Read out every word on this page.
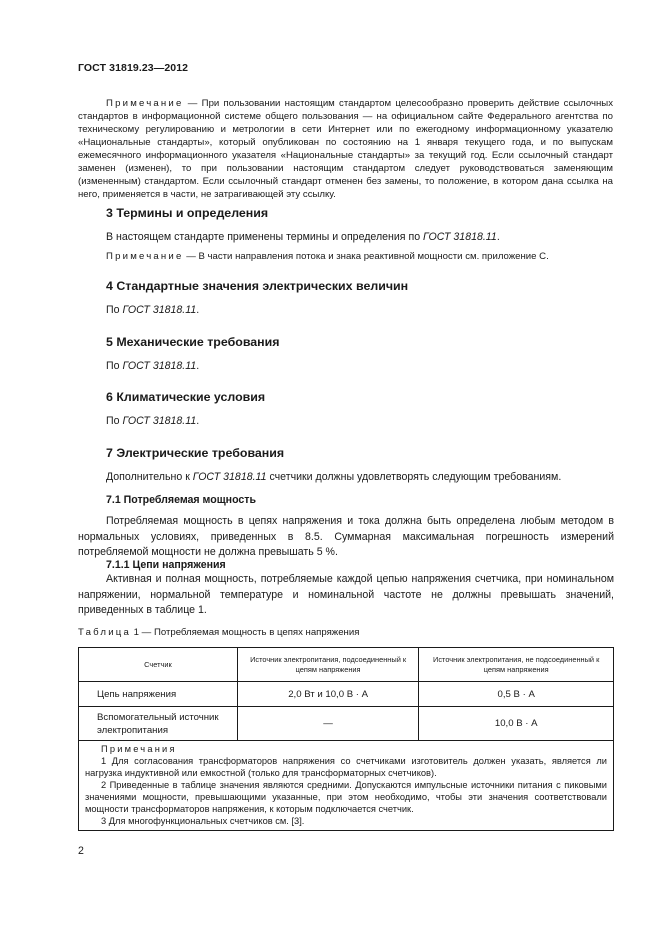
ГОСТ 31819.23—2012
Примечание — При пользовании настоящим стандартом целесообразно проверить действие ссылочных стандартов в информационной системе общего пользования — на официальном сайте Федерального агентства по техническому регулированию и метрологии в сети Интернет или по ежегодному информационному указателю «Национальные стандарты», который опубликован по состоянию на 1 января текущего года, и по выпускам ежемесячного информационного указателя «Национальные стандарты» за текущий год. Если ссылочный стандарт заменен (изменен), то при пользовании настоящим стандартом следует руководствоваться заменяющим (измененным) стандартом. Если ссылочный стандарт отменен без замены, то положение, в котором дана ссылка на него, применяется в части, не затрагивающей эту ссылку.
3 Термины и определения
В настоящем стандарте применены термины и определения по ГОСТ 31818.11.
Примечание — В части направления потока и знака реактивной мощности см. приложение С.
4 Стандартные значения электрических величин
По ГОСТ 31818.11.
5 Механические требования
По ГОСТ 31818.11.
6 Климатические условия
По ГОСТ 31818.11.
7 Электрические требования
Дополнительно к ГОСТ 31818.11 счетчики должны удовлетворять следующим требованиям.
7.1 Потребляемая мощность
Потребляемая мощность в цепях напряжения и тока должна быть определена любым методом в нормальных условиях, приведенных в 8.5. Суммарная максимальная погрешность измерений потребляемой мощности не должна превышать 5 %.
7.1.1 Цепи напряжения
Активная и полная мощность, потребляемые каждой цепью напряжения счетчика, при номинальном напряжении, нормальной температуре и номинальной частоте не должны превышать значений, приведенных в таблице 1.
Таблица 1 — Потребляемая мощность в цепях напряжения
Счетчик	Источник электропитания, подсоединенный к цепям напряжения	Источник электропитания, не подсоединенный к цепям напряжения
Цепь напряжения	2,0 Вт и 10,0 В · А	0,5 В · А
Вспомогательный источник электропитания	—	10,0 В · А

Примечания
1 Для согласования трансформаторов напряжения со счетчиками изготовитель должен указать, является ли нагрузка индуктивной или емкостной (только для трансформаторных счетчиков).
2 Приведенные в таблице значения являются средними. Допускаются импульсные источники питания с пиковыми значениями мощности, превышающими указанные, при этом необходимо, чтобы эти значения соответствовали мощности трансформаторов напряжения, к которым подключается счетчик.
3 Для многофункциональных счетчиков см. [3].		
2
